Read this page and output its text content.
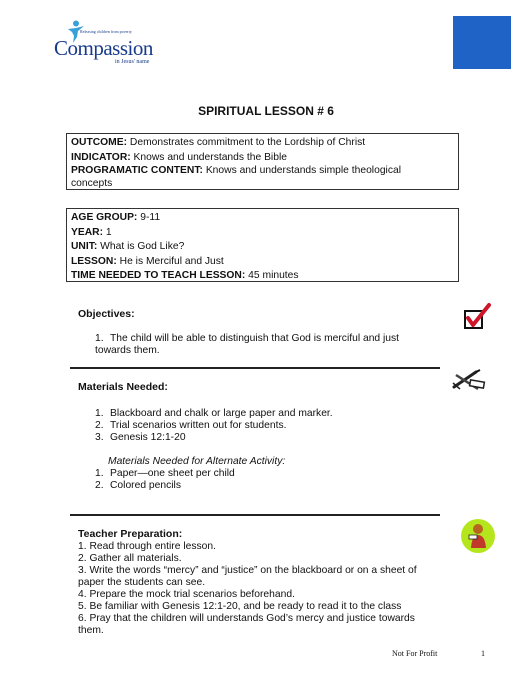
Releasing children from poverty
Compassion
in Jesus' name
SPIRITUAL LESSON # 6

OUTCOME: Demonstrates commitment to the Lordship of Christ

INDICATOR: Knows and understands the Bible

PROGRAMATIC CONTENT: Knows and understands simple theological

concepts

AGE GROUP: 9-11

YEAR: 1

UNIT: What is God Like?

LESSON: He is Merciful and Just

TIME NEEDED TO TEACH LESSON: 45 minutes

Objectives:
1. The child will be able to distinguish that God is merciful and just
towards them.
Materials Needed:
1. Blackboard and chalk or large paper and marker.
2. Trial scenarios written out for students.
3. Genesis 12:1-20
Materials Needed for Alternate Activity:
1. Paper—one sheet per child
2. Colored pencils
Teacher Preparation:
1. Read through entire lesson.
2. Gather all materials.
3. Write the words “mercy” and “justice” on the blackboard or on a sheet of
paper the students can see.
4. Prepare the mock trial scenarios beforehand.
5. Be familiar with Genesis 12:1-20, and be ready to read it to the class
6. Pray that the children will understands God’s mercy and justice towards
them.
Not For Profit	1
